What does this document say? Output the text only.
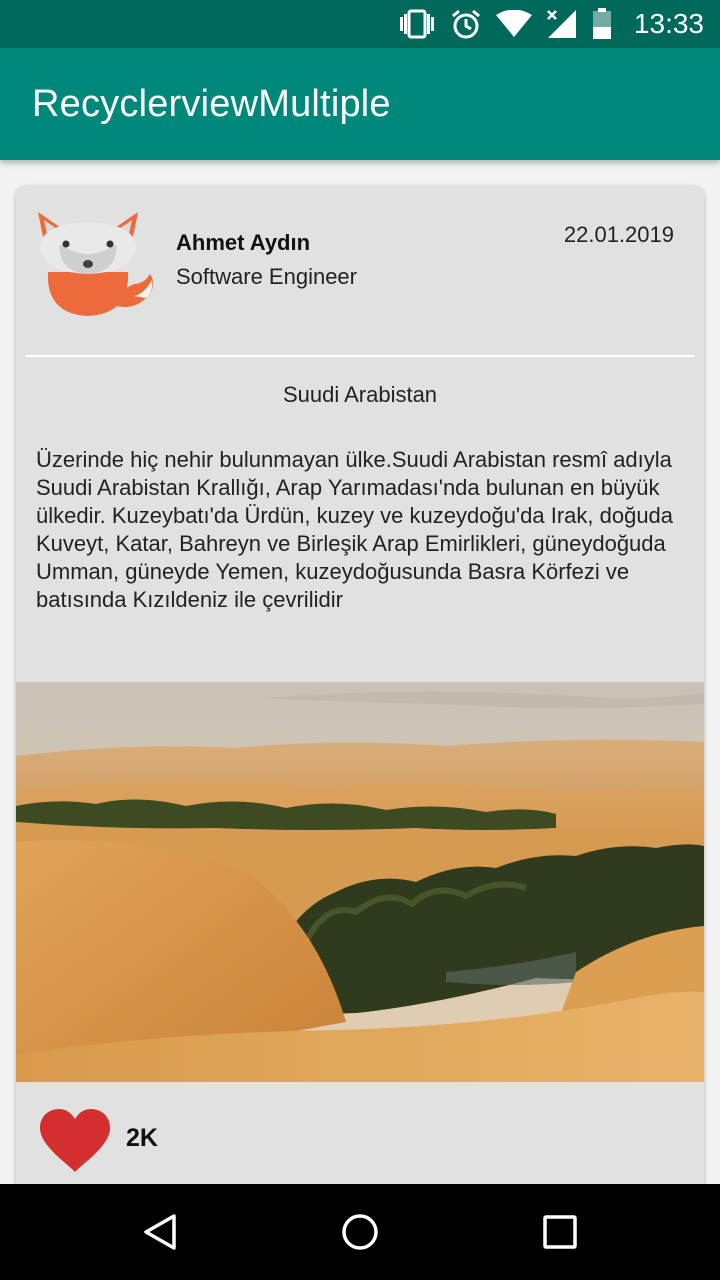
13:33
RecyclerviewMultiple
Ahmet Aydın
Software Engineer
22.01.2019
Suudi Arabistan
Üzerinde hiç nehir bulunmayan ülke.Suudi Arabistan resmî adıyla Suudi Arabistan Krallığı, Arap Yarımadası'nda bulunan en büyük ülkedir. Kuzeybatı'da Ürdün, kuzey ve kuzeydoğu'da Irak, doğuda Kuveyt, Katar, Bahreyn ve Birleşik Arap Emirlikleri, güneydoğuda Umman, güneyde Yemen, kuzeydoğusunda Basra Körfezi ve batısında Kızıldeniz ile çevrilidir
2K
